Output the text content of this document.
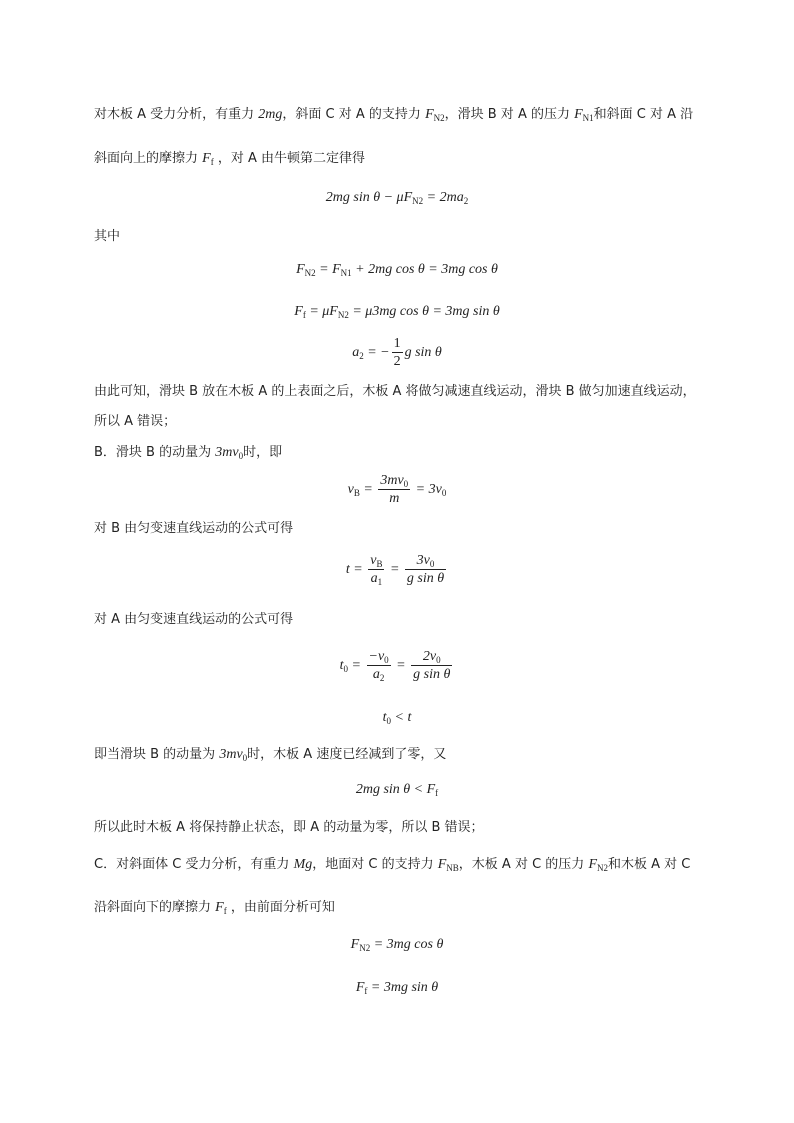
对木板 A 受力分析，有重力 2mg，斜面 C 对 A 的支持力 $F_{N2}$，滑块 B 对 A 的压力 $F_{N1}$和斜面 C 对 A 沿
斜面向上的摩擦力 $F_f$ ，对 A 由牛顿第二定律得
2mg $\sin \theta - \mu F_{N2} = 2ma_2$
其中
$F_{N2} = F_{N1} + 2mg$ cos θ = 3mg cos θ
$F_f = \mu F_{N2} = \mu 3mg$ cos θ = 3mg sin θ
$a_2$ = − $\frac{1}{2}$ g sin θ
由此可知，滑块 B 放在木板 A 的上表面之后，木板 A 将做匀减速直线运动，滑块 B 做匀加速直线运动，
所以 A 错误；
B．滑块 B 的动量为 $3mv_0$时，即
$v_B = \frac{3mv_0}{m} = 3v_0$
对 B 由匀变速直线运动的公式可得
$t = \frac{v_B}{a_1} = \frac{3v_0}{\text{g sin θ}}$
对 A 由匀变速直线运动的公式可得
$t_0 = \frac{-v_0}{a_2} = \frac{2v_0}{\text{g sin θ}}$
$t_0 < t$
即当滑块 B 的动量为 $3mv_0$时，木板 A 速度已经减到了零，又
2mg $\sin \theta < F_f$
所以此时木板 A 将保持静止状态，即 A 的动量为零，所以 B 错误；
C．对斜面体 C 受力分析，有重力 Mg，地面对 C 的支持力 $F_{NB}$，木板 A 对 C 的压力 $F_{N2}$和木板 A 对 C
沿斜面向下的摩擦力 $F_f$ ，由前面分析可知
$F_{N2} = 3mg$ cos θ
$F_f = 3mg$ sin θ
